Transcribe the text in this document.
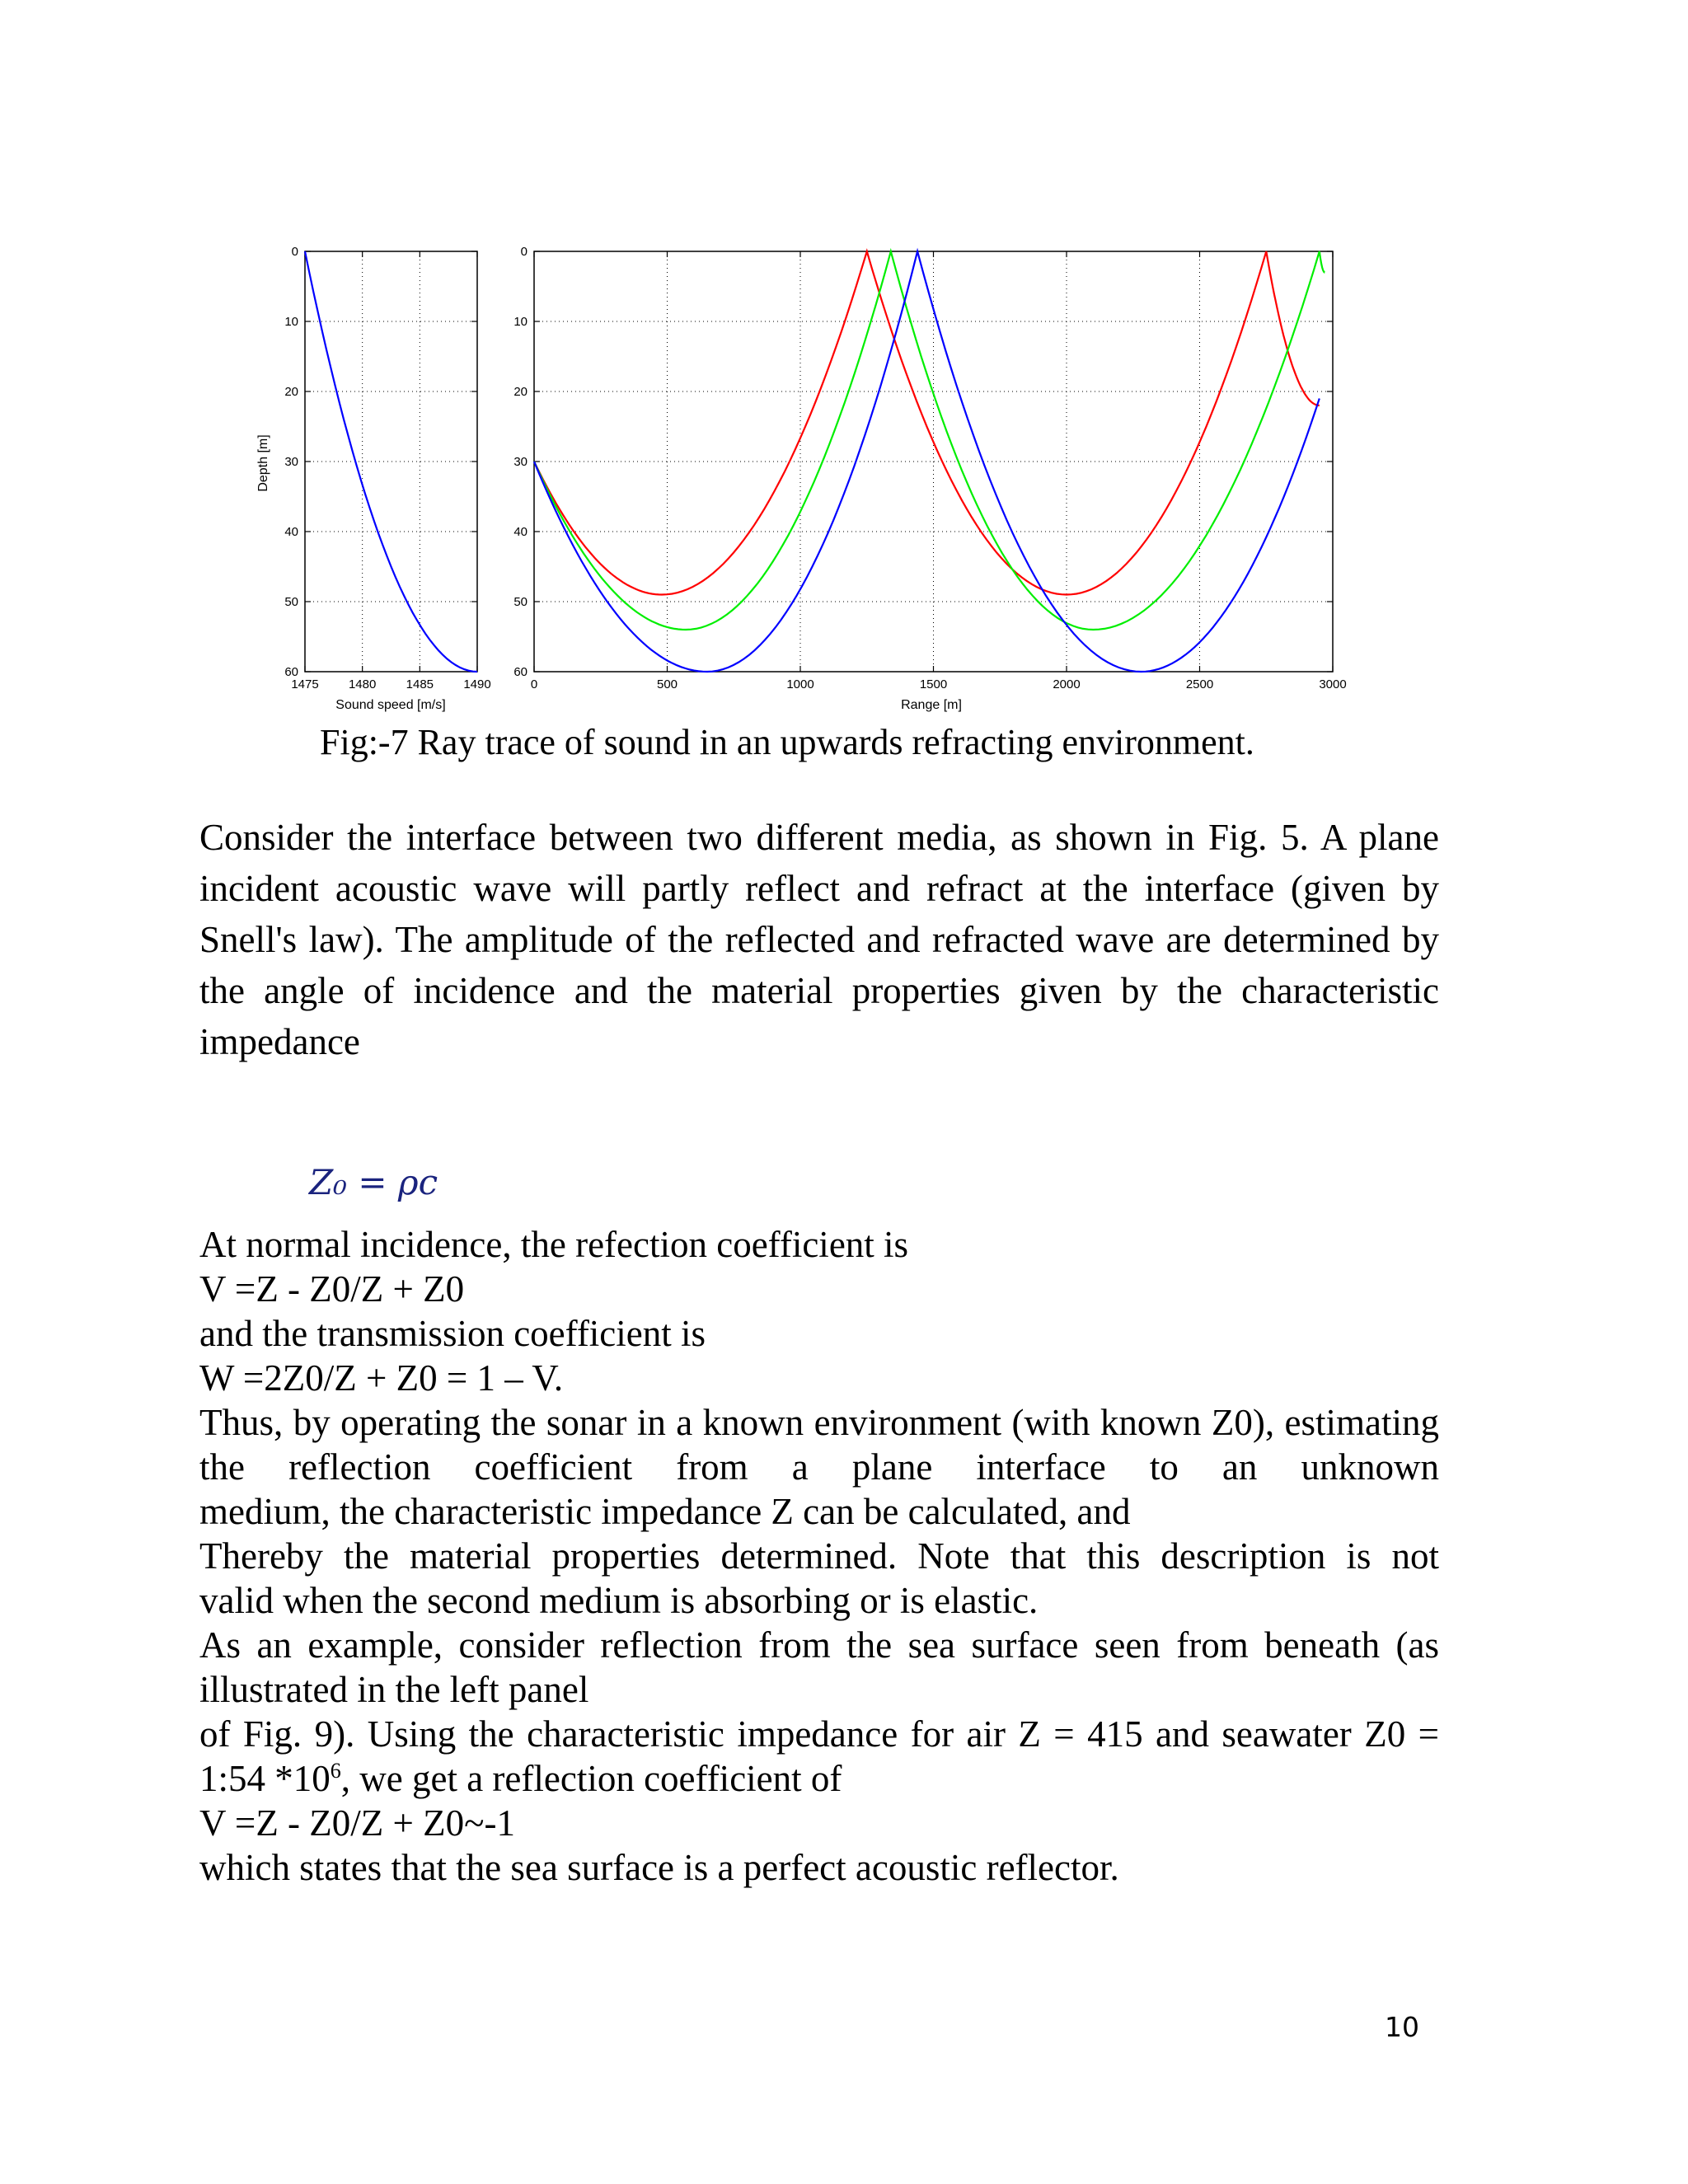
1475 1480 1485 1490
0
10
20
30
40
50
60
0	500	1000	1500	2000	2500	3000
0
10
20
30
40
50
60
Depth [m]
Sound speed [m/s]	Range [m]
Fig:-7 Ray trace of sound in an upwards refracting environment.
Consider the interface between two different media, as shown in Fig. 5. A plane incident acoustic wave will partly reflect and refract at the interface (given by Snell's law). The amplitude of the reflected and refracted wave are determined by the angle of incidence and the material properties given by the characteristic impedance
Z₀ = ρc
At normal incidence, the refection coefficient is
V =Z - Z0/Z + Z0
and the transmission coefficient is
W =2Z0/Z + Z0 = 1 – V.
Thus, by operating the sonar in a known environment (with known Z0), estimating the reflection coefficient from a plane interface to an unknown
medium, the characteristic impedance Z can be calculated, and
Thereby the material properties determined. Note that this description is not
valid when the second medium is absorbing or is elastic.
As an example, consider reflection from the sea surface seen from beneath (as
illustrated in the left panel
of Fig. 9). Using the characteristic impedance for air Z = 415 and seawater Z0 =
1:54 $*10^6$, we get a reflection coefficient of
V =Z - Z0/Z + Z0~-1
which states that the sea surface is a perfect acoustic reflector.
10
